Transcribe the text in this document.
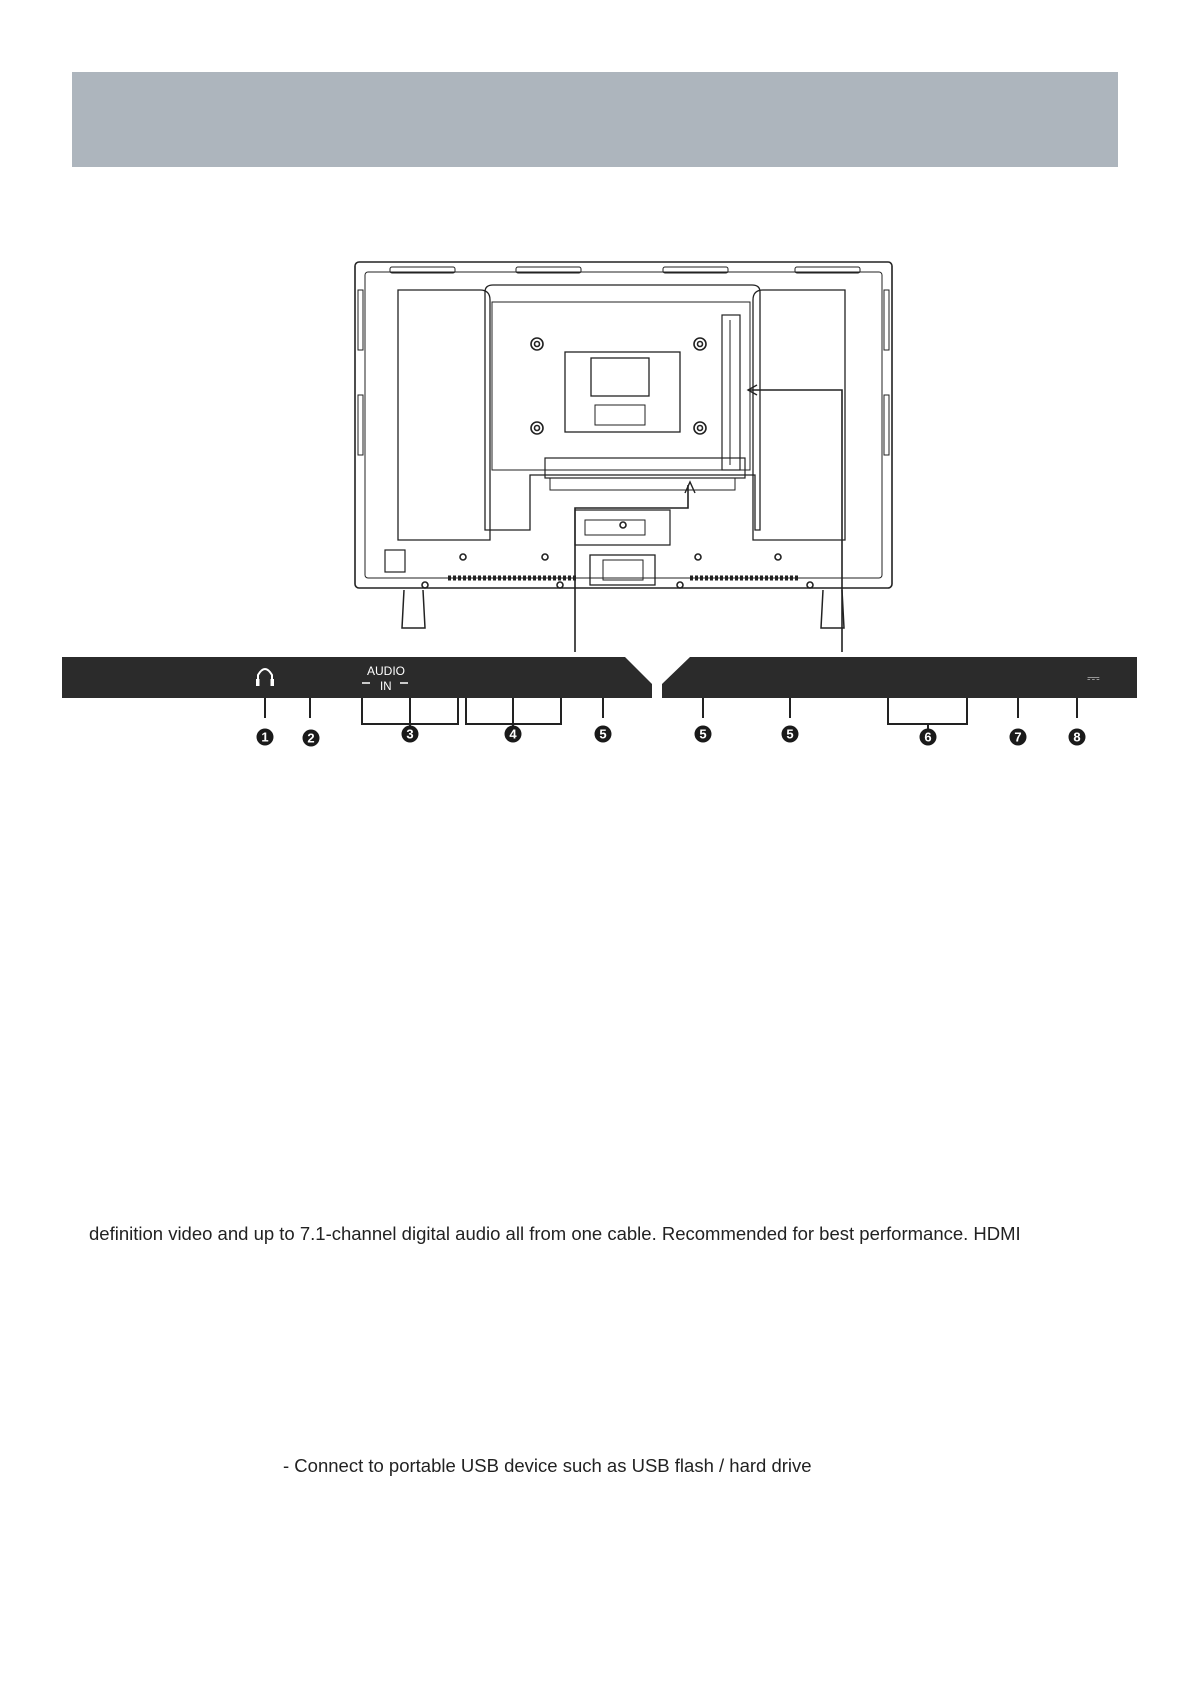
AUDIO
IN	⎓
1	2	3	4	5	5	5	6	7	8
definition video and up to 7.1-channel digital audio all from one cable. Recommended for best performance. HDMI
- Connect to portable USB device such as USB flash / hard drive
